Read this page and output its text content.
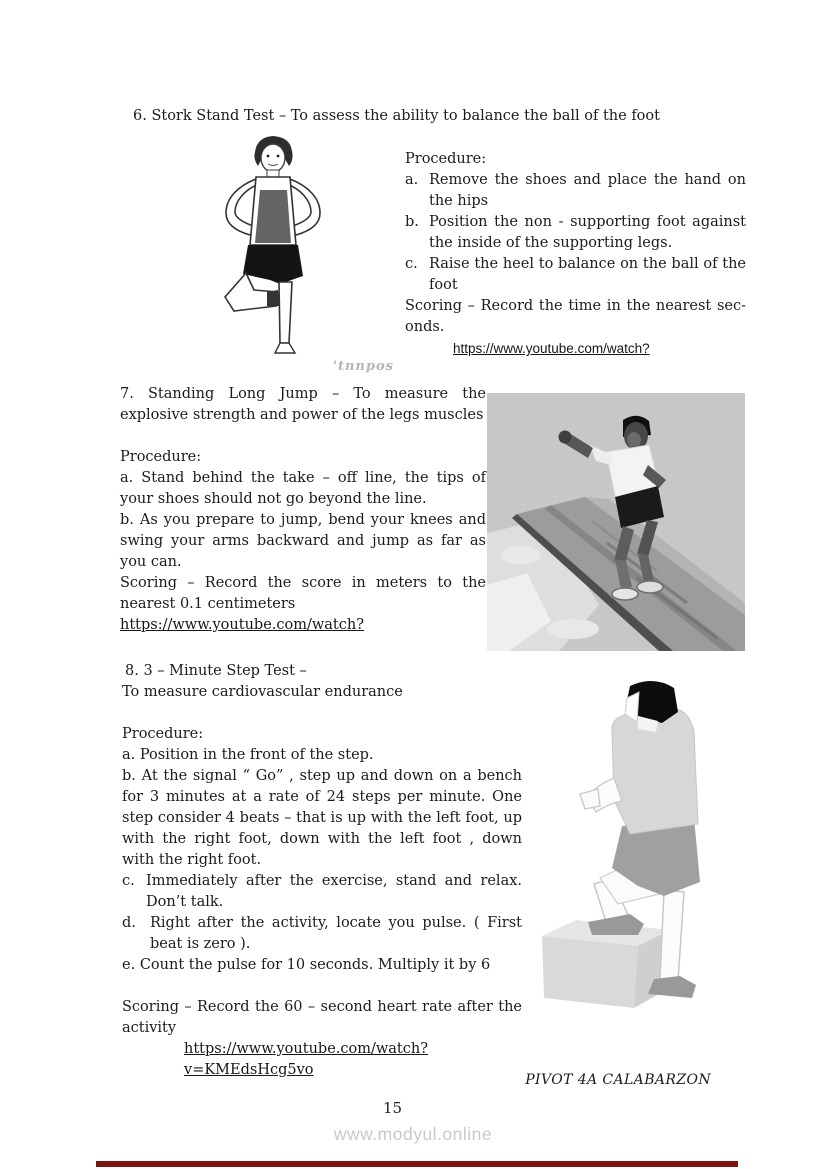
6. Stork Stand Test – To assess the ability to balance the ball of the foot
'tnnpos
Procedure:
a. Remove the shoes and place the hand on the hips
b. Position the non - supporting foot against the inside of the supporting legs.
c. Raise the heel to balance on the ball of the foot
Scoring – Record the time in the nearest sec-onds.
https://www.youtube.com/watch?
7. Standing Long Jump – To measure the explosive strength and power of the legs muscles
Procedure:
a. Stand behind the take – off line, the tips of your shoes should not go beyond the line.
b. As you prepare to jump, bend your knees and swing your arms backward and jump as far as you can.
Scoring – Record the score in meters to the nearest 0.1 centimeters
https://www.youtube.com/watch?
8. 3 – Minute Step Test –
To measure cardiovascular endurance
Procedure:
a. Position in the front of the step.
b. At the signal “ Go” , step up and down on a bench for 3 minutes at a rate of 24 steps per minute. One step consider 4 beats – that is up with the left foot, up with the right foot, down with the left foot , down with the right foot.
c. Immediately after the exercise, stand and relax. Don’t talk.
d. Right after the activity, locate you pulse. ( First beat is zero ).
e. Count the pulse for 10 seconds. Multiply it by 6
Scoring – Record the 60 – second heart rate after the activity
https://www.youtube.com/watch?v=KMEdsHcg5vo
PIVOT 4A CALABARZON
15
www.modyul.online
